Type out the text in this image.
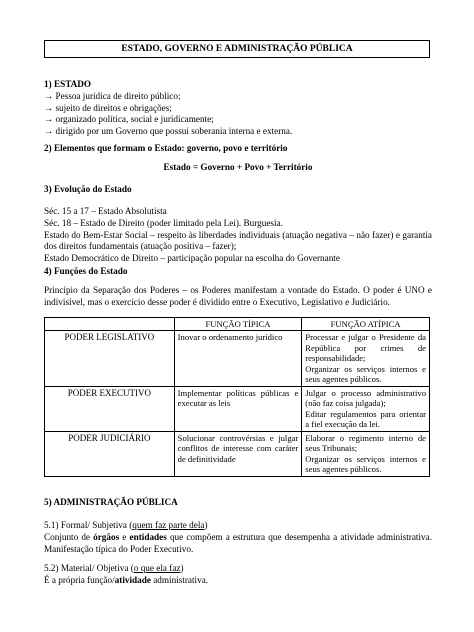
ESTADO, GOVERNO E ADMINISTRAÇÃO PÚBLICA
1) ESTADO
→ Pessoa jurídica de direito público;
→ sujeito de direitos e obrigações;
→ organizado política, social e juridicamente;
→ dirigido por um Governo que possui soberania interna e externa.
2) Elementos que formam o Estado: governo, povo e território
Estado = Governo + Povo + Território
3) Evolução do Estado
Séc. 15 a 17 – Estado Absolutista
Séc. 18 – Estado de Direito (poder limitado pela Lei). Burguesia.
Estado do Bem-Estar Social – respeito às liberdades individuais (atuação negativa – não fazer) e garantia dos direitos fundamentais (atuação positiva – fazer);
Estado Democrático de Direito – participação popular na escolha do Governante
4) Funções do Estado
Princípio da Separação dos Poderes – os Poderes manifestam a vontade do Estado. O poder é UNO e indivisível, mas o exercício desse poder é dividido entre o Executivo, Legislativo e Judiciário.
	FUNÇÃO TÍPICA	FUNÇÃO ATÍPICA
PODER LEGISLATIVO	Inovar o ordenamento jurídico	Processar e julgar o Presidente da República por crimes de responsabilidade;
Organizar os serviços internos e seus agentes públicos.

PODER EXECUTIVO	Implementar políticas públicas e executar as leis	Julgar o processo administrativo (não faz coisa julgada);
Editar regulamentos para orientar a fiel execução da lei.

PODER JUDICIÁRIO	Solucionar controvérsias e julgar conflitos de interesse com caráter de definitividade	Elaborar o regimento interno de seus Tribunais;
Organizar os serviços internos e seus agentes públicos.
5) ADMINISTRAÇÃO PÚBLICA
5.1) Formal/ Subjetiva (quem faz parte dela)
Conjunto de órgãos e entidades que compõem a estrutura que desempenha a atividade administrativa. Manifestação típica do Poder Executivo.
5.2) Material/ Objetiva (o que ela faz)
É a própria função/atividade administrativa.
